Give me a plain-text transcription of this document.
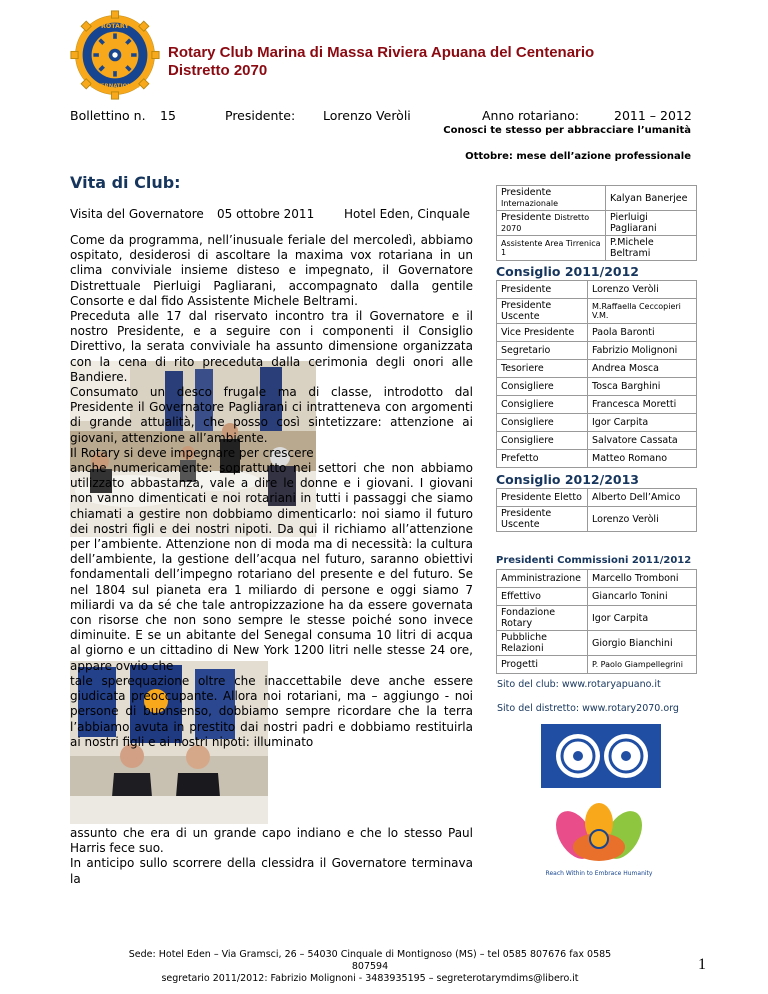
ROTARY
INTERNATIONAL
Rotary Club Marina di Massa Riviera Apuana del Centenario
Distretto 2070
Bollettino n. 15	Presidente: Lorenzo Veròli	Anno rotariano:	2011 – 2012
Conosci te stesso per abbracciare l’umanità
Ottobre: mese dell’azione professionale
Vita di Club:
Visita del Governatore 05 ottobre 2011 Hotel Eden, Cinquale

Come da programma, nell’inusuale feriale del mercoledì, abbiamo ospitato, desiderosi di ascoltare la maxima vox rotariana in un clima conviviale insieme disteso e impegnato, il Governatore Distrettuale Pierluigi Pagliarani, accompagnato dalla gentile Consorte e dal fido Assistente Michele Beltrami.

Preceduta alle 17 dal riservato incontro tra il Governatore e il nostro Presidente, e a seguire con i componenti il Consiglio Direttivo, la serata conviviale ha assunto dimensione organizzata con la cena di rito preceduta dalla cerimonia degli onori alle Bandiere.

Consumato un desco frugale ma di classe, introdotto dal Presidente il Governatore Pagliarani ci intratteneva con argomenti di grande attualità, che posso così sintetizzare: attenzione ai giovani, attenzione all’ambiente.

Il Rotary si deve impegnare per crescere

anche numericamente: soprattutto nei settori che non abbiamo utilizzato abbastanza, vale a dire le donne e i giovani. I giovani non vanno dimenticati e noi rotariani in tutti i passaggi che siamo chiamati a gestire non dobbiamo dimenticarlo: noi siamo il futuro dei nostri figli e dei nostri nipoti. Da qui il richiamo all’attenzione per l’ambiente. Attenzione non di moda ma di necessità: la cultura dell’ambiente, la gestione dell’acqua nel futuro, saranno obiettivi fondamentali dell’impegno rotariano del presente e del futuro. Se nel 1804 sul pianeta era 1 miliardo di persone e oggi siamo 7 miliardi va da sé che tale antropizzazione ha da essere governata con risorse che non sono sempre le stesse poiché sono invece diminuite. E se un abitante del Senegal consuma 10 litri di acqua al giorno e un cittadino di New York 1200 litri nelle stesse 24 ore, appare ovvio che

tale sperequazione oltre che inaccettabile deve anche essere giudicata preoccupante. Allora noi rotariani, ma – aggiungo - noi persone di buonsenso, dobbiamo sempre ricordare che la terra l’abbiamo avuta in prestito dai nostri padri e dobbiamo restituirla ai nostri figli e ai nostri nipoti: illuminato

assunto che era di un grande capo indiano e che lo stesso Paul Harris fece suo.

In anticipo sullo scorrere della clessidra il Governatore terminava la

Presidente Internazionale	Kalyan Banerjee
Presidente Distretto 2070	Pierluigi Pagliarani
Assistente Area Tirrenica 1	P.Michele Beltrami
Consiglio 2011/2012
Presidente	Lorenzo Veròli
Presidente Uscente	M.Raffaella Ceccopieri V.M.
Vice Presidente	Paola Baronti
Segretario	Fabrizio Molignoni
Tesoriere	Andrea Mosca
Consigliere	Tosca Barghini
Consigliere	Francesca Moretti
Consigliere	Igor Carpita
Consigliere	Salvatore Cassata
Prefetto	Matteo Romano
Consiglio 2012/2013
Presidente Eletto	Alberto Dell’Amico
Presidente Uscente	Lorenzo Veròli
Presidenti Commissioni 2011/2012
Amministrazione	Marcello Tromboni
Effettivo	Giancarlo Tonini
Fondazione Rotary	Igor Carpita
Pubbliche Relazioni	Giorgio Bianchini
Progetti	P. Paolo Giampellegrini
Sito del club: www.rotaryapuano.it
Sito del distretto: www.rotary2070.org
Reach Within to Embrace Humanity
Sede: Hotel Eden – Via Gramsci, 26 – 54030 Cinquale di Montignoso (MS) – tel 0585 807676 fax 0585 807594
segretario 2011/2012: Fabrizio Molignoni - 3483935195 – segreterotarymdims@libero.it
1
